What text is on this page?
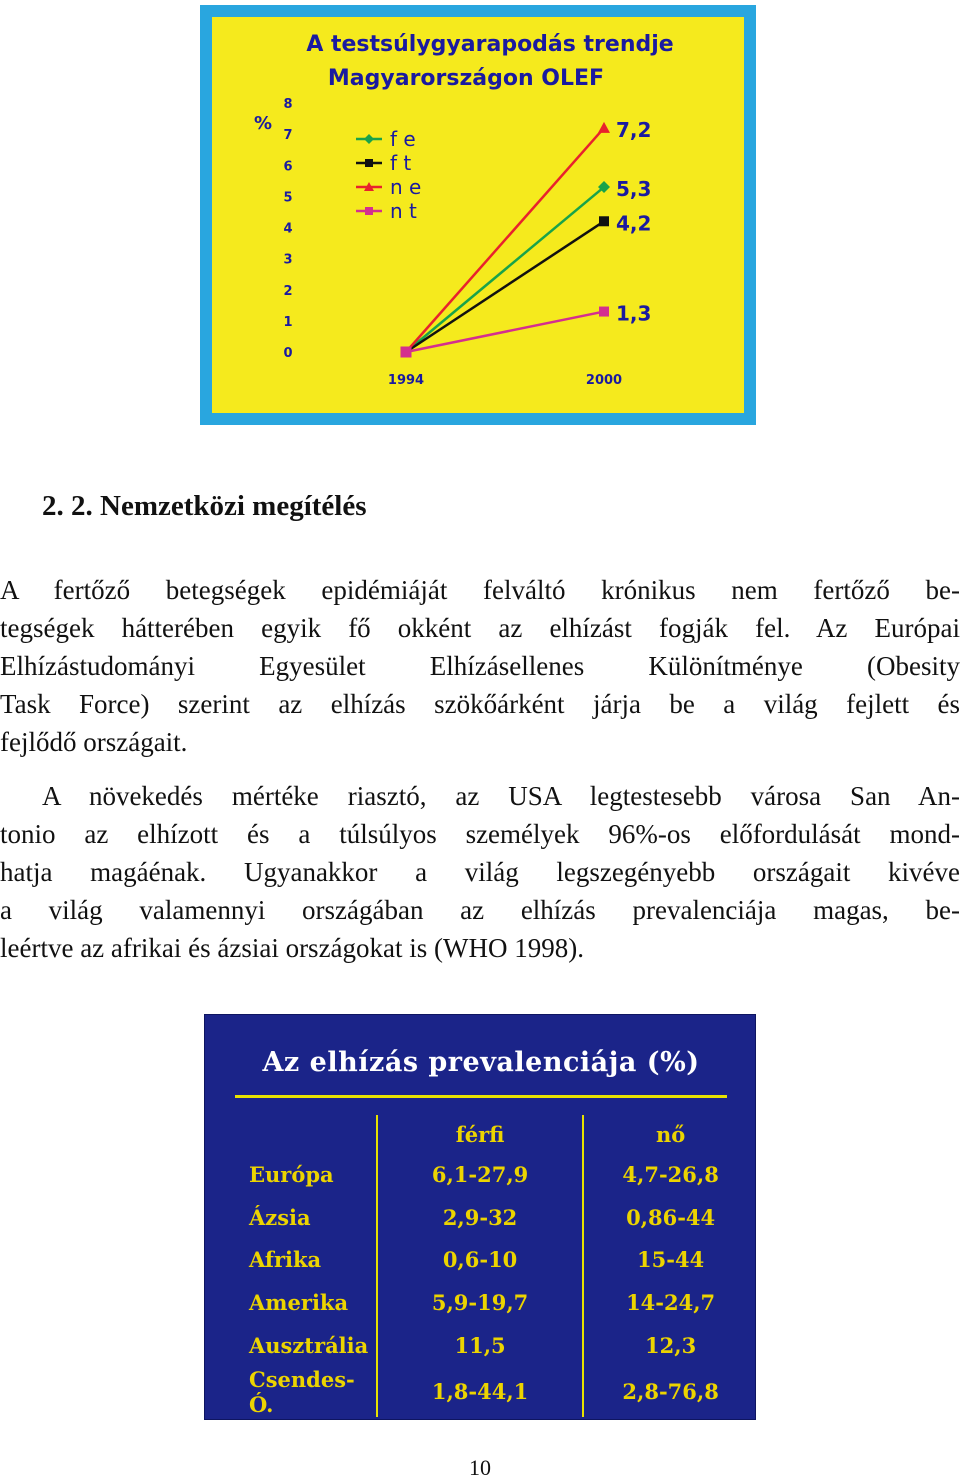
A testsúlygyarapodás trendje
Magyarországon OLEF
%
0
1
2
3
4
5
6
7
8
1994	2000
5,3
4,2
7,2
1,3
f e
f t
n e
n t
2. 2. Nemzetközi megítélés

A fertőző betegségek epidémiáját felváltó krónikus nem fertőző be-
tegségek hátterében egyik fő okként az elhízást fogják fel. Az Európai
Elhízástudományi Egyesület Elhízásellenes Különítménye (Obesity
Task Force) szerint az elhízás szökőárként járja be a világ fejlett és
fejlődő országait.

A növekedés mértéke riasztó, az USA legtestesebb városa San An-
tonio az elhízott és a túlsúlyos személyek 96%-os előfordulását mond-
hatja magáénak. Ugyanakkor a világ legszegényebb országait kivéve
a világ valamennyi országában az elhízás prevalenciája magas, be-
leértve az afrikai és ázsiai országokat is (WHO 1998).

Az elhízás prevalenciája (%)
	férfi	nő
Európa	6,1-27,9	4,7-26,8
Ázsia	2,9-32	0,86-44
Afrika	0,6-10	15-44
Amerika	5,9-19,7	14-24,7
Ausztrália	11,5	12,3
Csendes-Ó.	1,8-44,1	2,8-76,8
10
